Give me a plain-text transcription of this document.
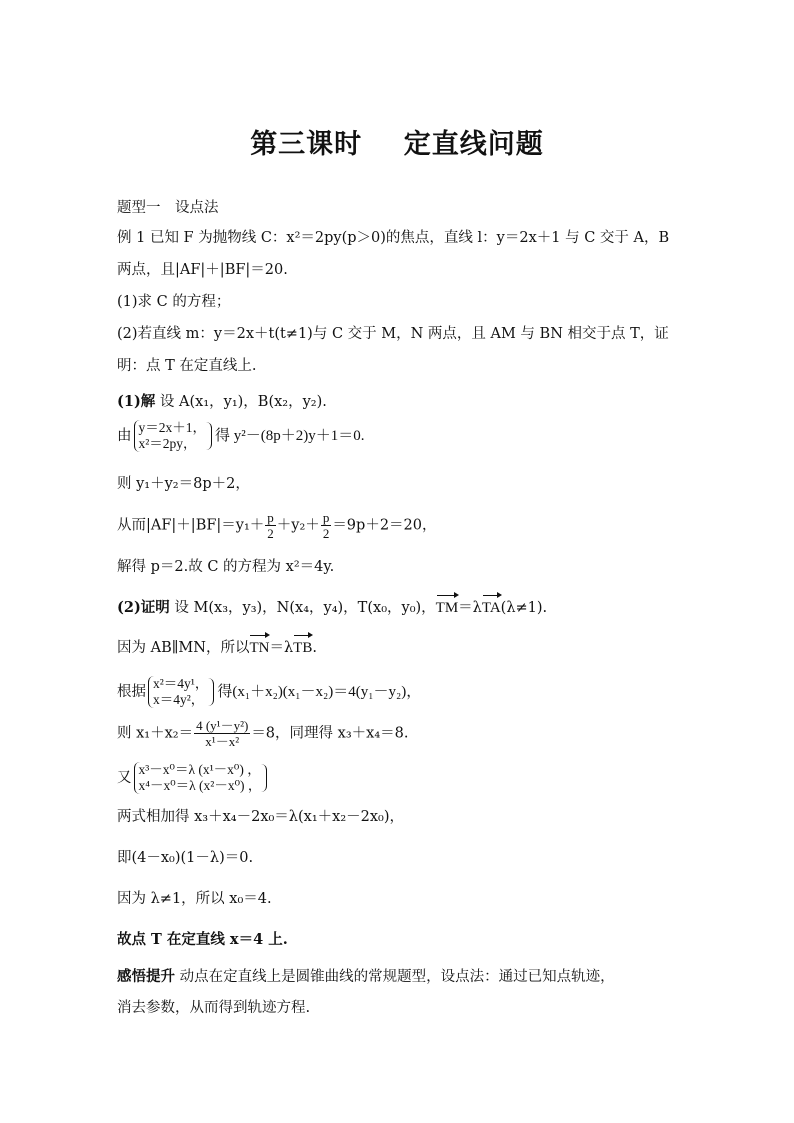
第三课时    定直线问题
题型一　设点法
例 1 已知 F 为抛物线 C：x²＝2py(p＞0)的焦点，直线 l：y＝2x＋1 与 C 交于 A，B
两点，且|AF|＋|BF|＝20.
(1)求 C 的方程；
(2)若直线 m：y＝2x＋t(t≠1)与 C 交于 M，N 两点，且 AM 与 BN 相交于点 T，证
明：点 T 在定直线上.
(1)解 设 A(x₁，y₁)，B(x₂，y₂).
由
y＝2x＋1，
x²＝2py，	得 y²－(8p＋2)y＋1＝0.
则 y₁＋y₂＝8p＋2，
从而$|AF|+|BF|=y_1+ \frac{p}{2} +y_2+ \frac{p}{2} =9p+2=20$，
解得 p＝2.故 C 的方程为 x²＝4y.
(2)证明 设 M(x₃，y₃)，N(x₄，y₄)，T(x₀，y₀)，TM＝λTA(λ≠1).
因为 AB∥MN，所以TN＝λTB.
根据
x²＝4y¹，
x＝4y²， 得(x₁＋x₂)(x₁－x₂)＝4(y₁－y₂)，
则 $x_1+x_2= \frac{\text{4 (y¹－y²)}}{\text{x¹－x²}} =8$，同理得 x₃＋x₄＝8.
又
x³－x⁰＝λ (x¹－x⁰) ，
x⁴－x⁰＝λ (x²－x⁰) ，
两式相加得 x₃＋x₄－2x₀＝λ(x₁＋x₂－2x₀)，
即(4－x₀)(1－λ)＝0.
因为 λ≠1，所以 x₀＝4.
故点 T 在定直线 x＝4 上.
感悟提升 动点在定直线上是圆锥曲线的常规题型，设点法：通过已知点轨迹，
消去参数，从而得到轨迹方程.
